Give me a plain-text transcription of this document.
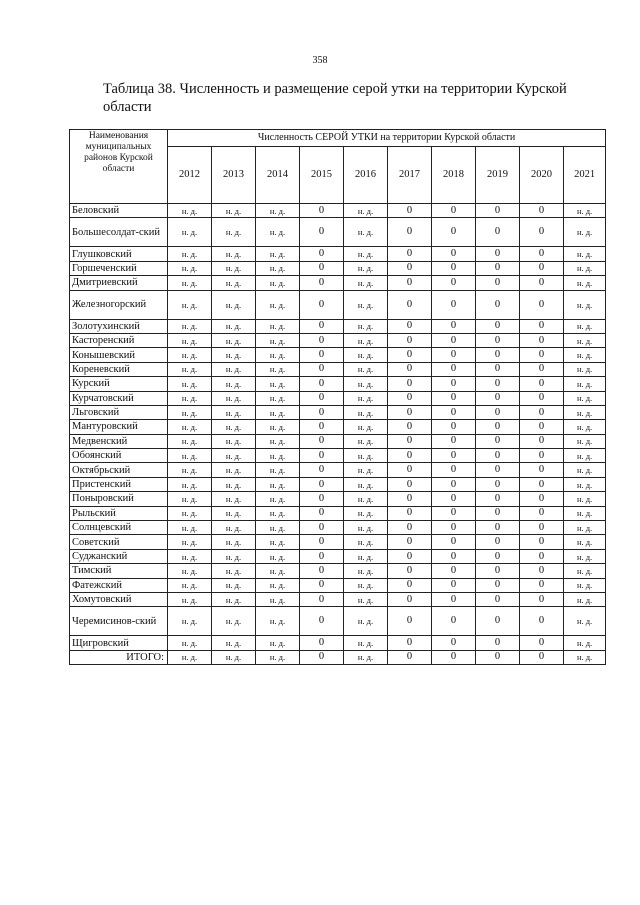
358
Таблица 38. Численность и размещение серой утки на территории Курской области
Наименования муниципальных районов Курской области	Численность СЕРОЙ УТКИ на территории Курской области									
	2012	2013	2014	2015	2016	2017	2018	2019	2020	2021
Беловский	н. д.	н. д.	н. д.	0	н. д.	0	0	0	0	н. д.
Большесолдат-ский	н. д.	н. д.	н. д.	0	н. д.	0	0	0	0	н. д.
Глушковский	н. д.	н. д.	н. д.	0	н. д.	0	0	0	0	н. д.
Горшеченский	н. д.	н. д.	н. д.	0	н. д.	0	0	0	0	н. д.
Дмитриевский	н. д.	н. д.	н. д.	0	н. д.	0	0	0	0	н. д.
Железногорский	н. д.	н. д.	н. д.	0	н. д.	0	0	0	0	н. д.
Золотухинский	н. д.	н. д.	н. д.	0	н. д.	0	0	0	0	н. д.
Касторенский	н. д.	н. д.	н. д.	0	н. д.	0	0	0	0	н. д.
Конышевский	н. д.	н. д.	н. д.	0	н. д.	0	0	0	0	н. д.
Кореневский	н. д.	н. д.	н. д.	0	н. д.	0	0	0	0	н. д.
Курский	н. д.	н. д.	н. д.	0	н. д.	0	0	0	0	н. д.
Курчатовский	н. д.	н. д.	н. д.	0	н. д.	0	0	0	0	н. д.
Льговский	н. д.	н. д.	н. д.	0	н. д.	0	0	0	0	н. д.
Мантуровский	н. д.	н. д.	н. д.	0	н. д.	0	0	0	0	н. д.
Медвенский	н. д.	н. д.	н. д.	0	н. д.	0	0	0	0	н. д.
Обоянский	н. д.	н. д.	н. д.	0	н. д.	0	0	0	0	н. д.
Октябрьский	н. д.	н. д.	н. д.	0	н. д.	0	0	0	0	н. д.
Пристенский	н. д.	н. д.	н. д.	0	н. д.	0	0	0	0	н. д.
Поныровский	н. д.	н. д.	н. д.	0	н. д.	0	0	0	0	н. д.
Рыльский	н. д.	н. д.	н. д.	0	н. д.	0	0	0	0	н. д.
Солнцевский	н. д.	н. д.	н. д.	0	н. д.	0	0	0	0	н. д.
Советский	н. д.	н. д.	н. д.	0	н. д.	0	0	0	0	н. д.
Суджанский	н. д.	н. д.	н. д.	0	н. д.	0	0	0	0	н. д.
Тимский	н. д.	н. д.	н. д.	0	н. д.	0	0	0	0	н. д.
Фатежский	н. д.	н. д.	н. д.	0	н. д.	0	0	0	0	н. д.
Хомутовский	н. д.	н. д.	н. д.	0	н. д.	0	0	0	0	н. д.
Черемисинов-ский	н. д.	н. д.	н. д.	0	н. д.	0	0	0	0	н. д.
Щигровский	н. д.	н. д.	н. д.	0	н. д.	0	0	0	0	н. д.
ИТОГО:	н. д.	н. д.	н. д.	0	н. д.	0	0	0	0	н. д.
